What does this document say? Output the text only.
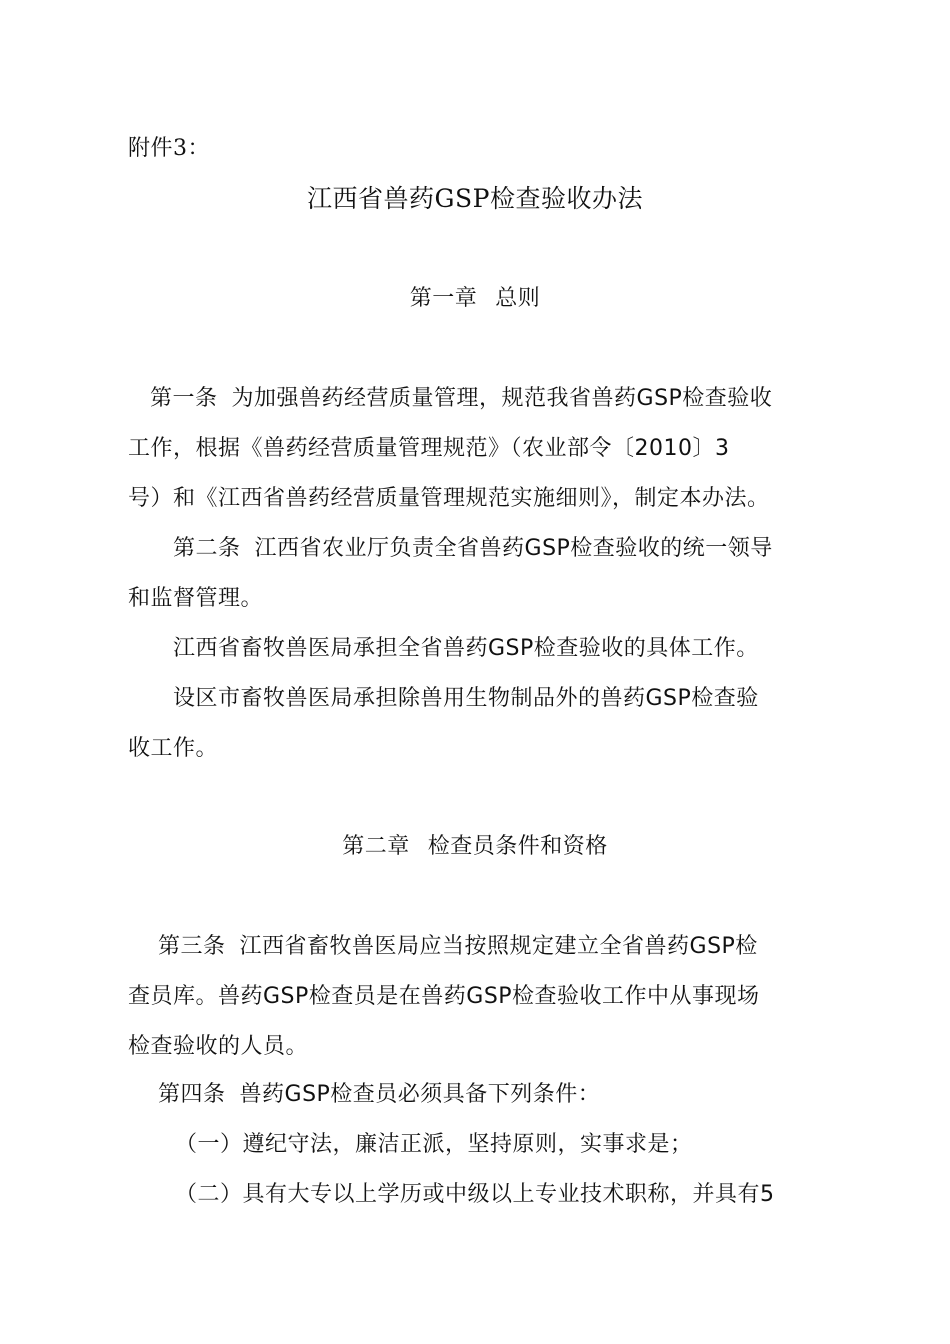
附件3：
江西省兽药GSP检查验收办法
第一章 总则
第一条 为加强兽药经营质量管理，规范我省兽药GSP检查验收
工作，根据《兽药经营质量管理规范》（农业部令〔2010〕3
号）和《江西省兽药经营质量管理规范实施细则》，制定本办法。
第二条 江西省农业厅负责全省兽药GSP检查验收的统一领导
和监督管理。
江西省畜牧兽医局承担全省兽药GSP检查验收的具体工作。
设区市畜牧兽医局承担除兽用生物制品外的兽药GSP检查验
收工作。
第二章 检查员条件和资格
第三条 江西省畜牧兽医局应当按照规定建立全省兽药GSP检
查员库。兽药GSP检查员是在兽药GSP检查验收工作中从事现场
检查验收的人员。
第四条 兽药GSP检查员必须具备下列条件：
（一）遵纪守法，廉洁正派，坚持原则，实事求是；
（二）具有大专以上学历或中级以上专业技术职称，并具有5
